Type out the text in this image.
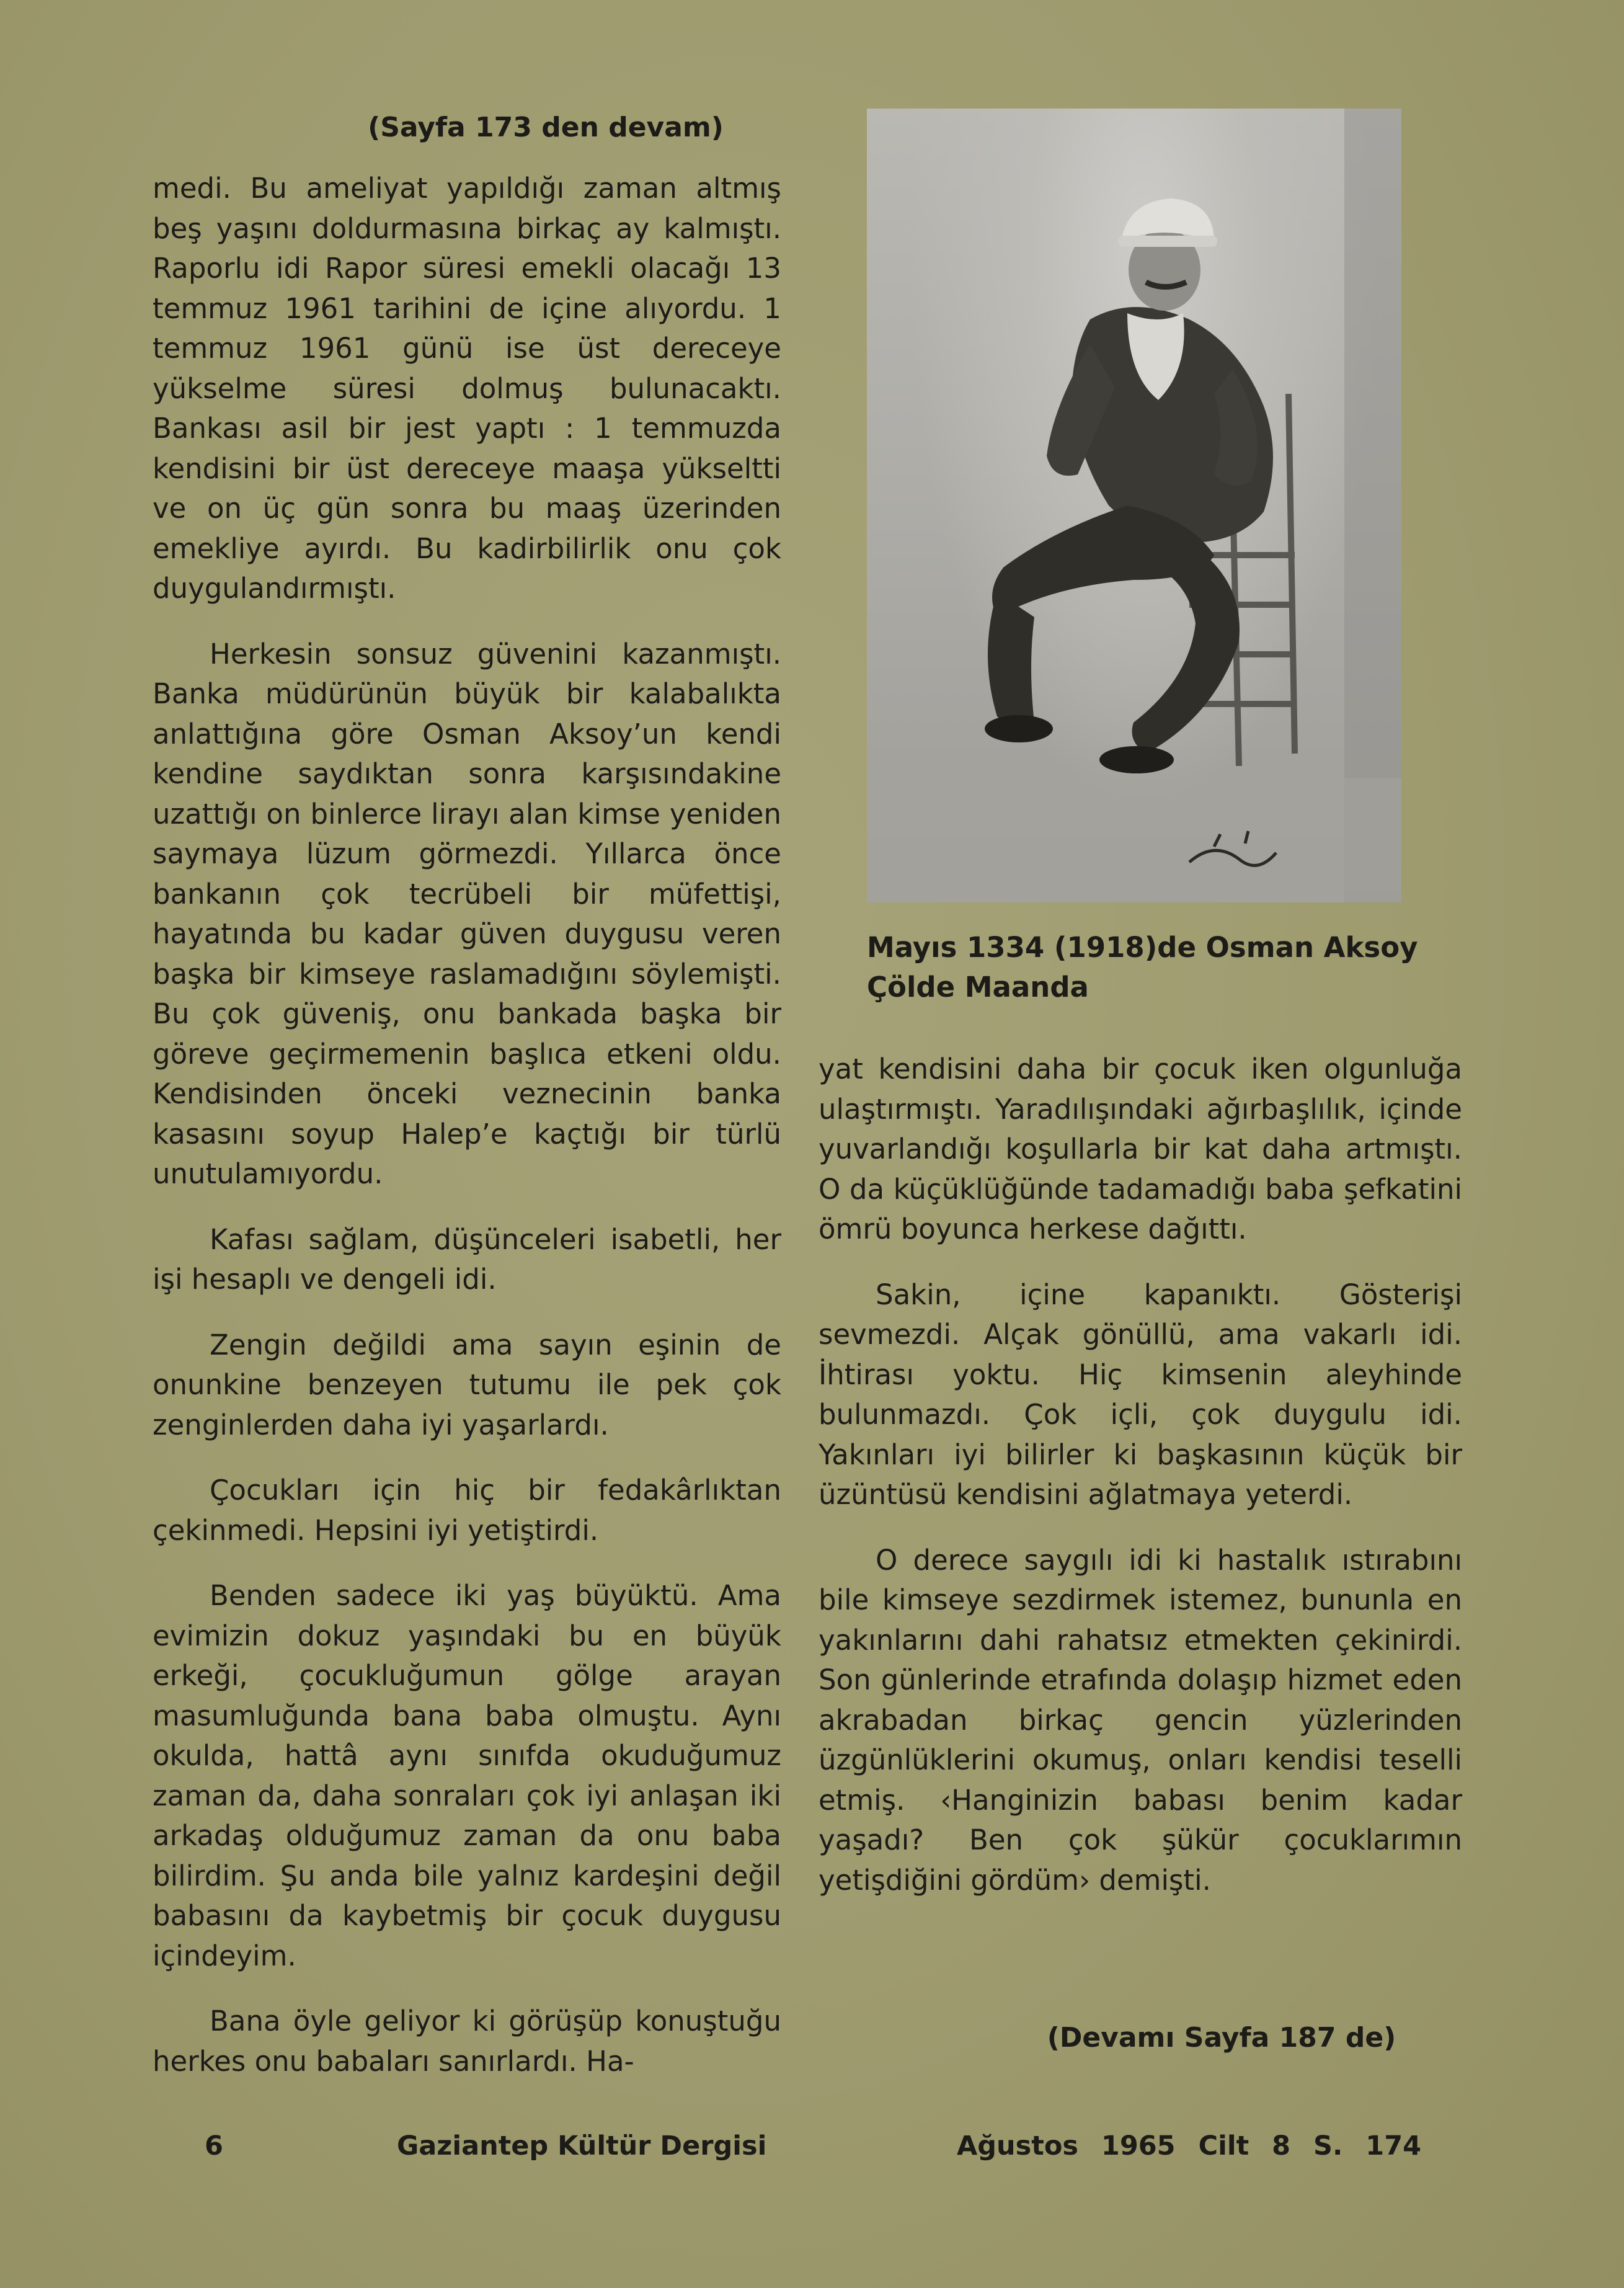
(Sayfa 173 den devam)

medi. Bu ameliyat yapıldığı zaman altmış beş yaşını doldurmasına birkaç ay kalmıştı. Raporlu idi Rapor süresi emekli olacağı 13 temmuz 1961 tarihini de içine alıyordu. 1 temmuz 1961 günü ise üst dereceye yükselme süresi dolmuş bulunacaktı. Bankası asil bir jest yaptı : 1 temmuzda kendisini bir üst dereceye maaşa yükseltti ve on üç gün sonra bu maaş üzerinden emekliye ayırdı. Bu kadirbilirlik onu çok duygulandırmıştı.

Herkesin sonsuz güvenini kazanmıştı. Banka müdürünün büyük bir kalabalıkta anlattığına göre Osman Aksoy’un kendi kendine saydıktan sonra karşısındakine uzattığı on binlerce lirayı alan kimse yeniden saymaya lüzum görmezdi. Yıllarca önce bankanın çok tecrübeli bir müfettişi, hayatında bu kadar güven duygusu veren başka bir kimseye raslamadığını söylemişti. Bu çok güveniş, onu bankada başka bir göreve geçirmemenin başlıca etkeni oldu. Kendisinden önceki veznecinin banka kasasını soyup Halep’e kaçtığı bir türlü unutulamıyordu.

Kafası sağlam, düşünceleri isabetli, her işi hesaplı ve dengeli idi.

Zengin değildi ama sayın eşinin de onunkine benzeyen tutumu ile pek çok zenginlerden daha iyi yaşarlardı.

Çocukları için hiç bir fedakârlıktan çekinmedi. Hepsini iyi yetiştirdi.

Benden sadece iki yaş büyüktü. Ama evimizin dokuz yaşındaki bu en büyük erkeği, çocukluğumun gölge arayan masumluğunda bana baba olmuştu. Aynı okulda, hattâ aynı sınıfda okuduğumuz zaman da, daha sonraları çok iyi anlaşan iki arkadaş olduğumuz zaman da onu baba bilirdim. Şu anda bile yalnız kardeşini değil babasını da kaybetmiş bir çocuk duygusu içindeyim.

Bana öyle geliyor ki görüşüp konuştuğu herkes onu babaları sanırlardı. Ha-

Mayıs 1334 (1918)de Osman Aksoy
Çölde Maanda

yat kendisini daha bir çocuk iken olgunluğa ulaştırmıştı. Yaradılışındaki ağırbaşlılık, içinde yuvarlandığı koşullarla bir kat daha artmıştı. O da küçüklüğünde tadamadığı baba şefkatini ömrü boyunca herkese dağıttı.

Sakin, içine kapanıktı. Gösterişi sevmezdi. Alçak gönüllü, ama vakarlı idi. İhtirası yoktu. Hiç kimsenin aleyhinde bulunmazdı. Çok içli, çok duygulu idi. Yakınları iyi bilirler ki başkasının küçük bir üzüntüsü kendisini ağlatmaya yeterdi.

O derece saygılı idi ki hastalık ıstırabını bile kimseye sezdirmek istemez, bununla en yakınlarını dahi rahatsız etmekten çekinirdi. Son günlerinde etrafında dolaşıp hizmet eden akrabadan birkaç gencin yüzlerinden üzgünlüklerini okumuş, onları kendisi teselli etmiş. ‹Hanginizin babası benim kadar yaşadı? Ben çok şükür çocuklarımın yetişdiğini gördüm› demişti.

(Devamı Sayfa 187 de)
6	Gaziantep Kültür Dergisi	Ağustos 1965 Cilt 8 S. 174
